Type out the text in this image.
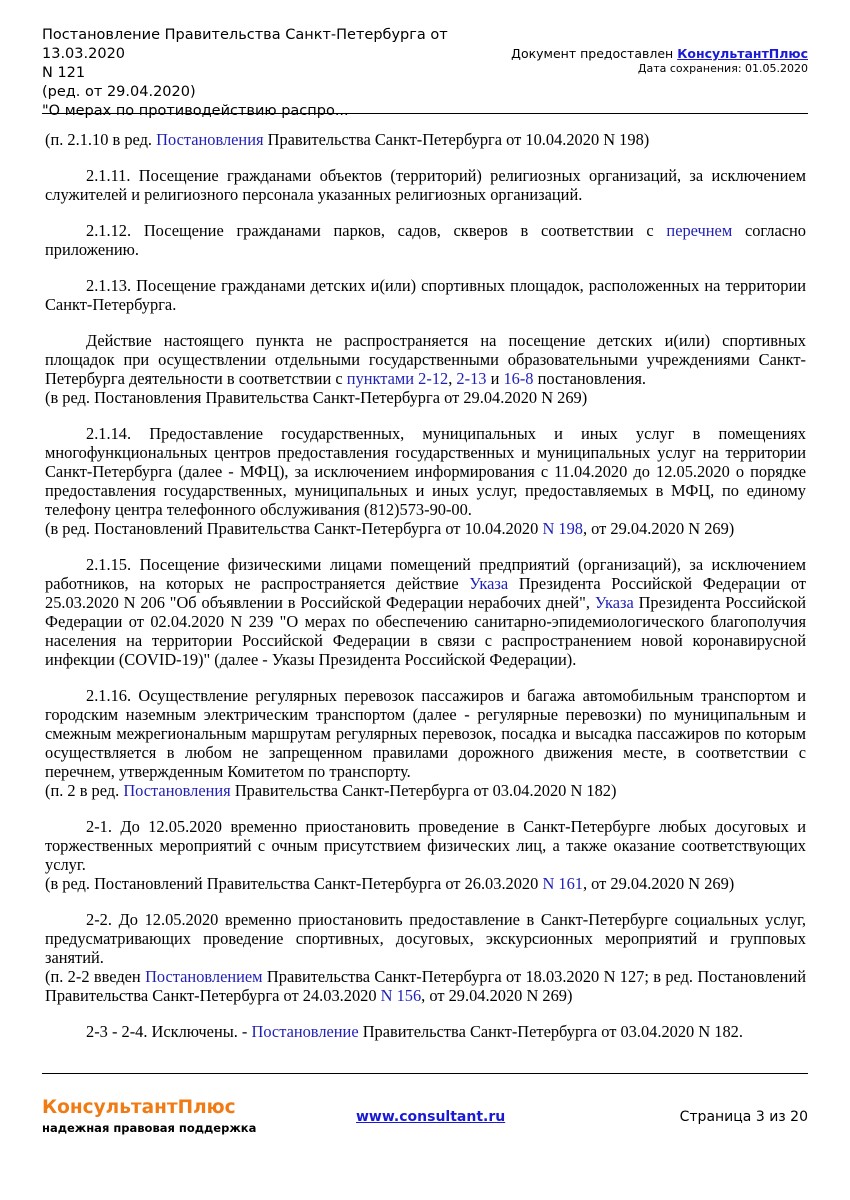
Постановление Правительства Санкт-Петербурга от 13.03.2020
N 121
(ред. от 29.04.2020)
"О мерах по противодействию распро...
Документ предоставлен КонсультантПлюс
Дата сохранения: 01.05.2020

(п. 2.1.10 в ред. Постановления Правительства Санкт-Петербурга от 10.04.2020 N 198)

2.1.11. Посещение гражданами объектов (территорий) религиозных организаций, за исключением служителей и религиозного персонала указанных религиозных организаций.

2.1.12. Посещение гражданами парков, садов, скверов в соответствии с перечнем согласно приложению.

2.1.13. Посещение гражданами детских и(или) спортивных площадок, расположенных на территории Санкт-Петербурга.

Действие настоящего пункта не распространяется на посещение детских и(или) спортивных площадок при осуществлении отдельными государственными образовательными учреждениями Санкт-Петербурга деятельности в соответствии с пунктами 2-12, 2-13 и 16-8 постановления.

(в ред. Постановления Правительства Санкт-Петербурга от 29.04.2020 N 269)

2.1.14. Предоставление государственных, муниципальных и иных услуг в помещениях многофункциональных центров предоставления государственных и муниципальных услуг на территории Санкт-Петербурга (далее - МФЦ), за исключением информирования с 11.04.2020 до 12.05.2020 о порядке предоставления государственных, муниципальных и иных услуг, предоставляемых в МФЦ, по единому телефону центра телефонного обслуживания (812)573-90-00.

(в ред. Постановлений Правительства Санкт-Петербурга от 10.04.2020 N 198, от 29.04.2020 N 269)

2.1.15. Посещение физическими лицами помещений предприятий (организаций), за исключением работников, на которых не распространяется действие Указа Президента Российской Федерации от 25.03.2020 N 206 "Об объявлении в Российской Федерации нерабочих дней", Указа Президента Российской Федерации от 02.04.2020 N 239 "О мерах по обеспечению санитарно-эпидемиологического благополучия населения на территории Российской Федерации в связи с распространением новой коронавирусной инфекции (COVID-19)" (далее - Указы Президента Российской Федерации).

2.1.16. Осуществление регулярных перевозок пассажиров и багажа автомобильным транспортом и городским наземным электрическим транспортом (далее - регулярные перевозки) по муниципальным и смежным межрегиональным маршрутам регулярных перевозок, посадка и высадка пассажиров по которым осуществляется в любом не запрещенном правилами дорожного движения месте, в соответствии с перечнем, утвержденным Комитетом по транспорту.

(п. 2 в ред. Постановления Правительства Санкт-Петербурга от 03.04.2020 N 182)

2-1. До 12.05.2020 временно приостановить проведение в Санкт-Петербурге любых досуговых и торжественных мероприятий с очным присутствием физических лиц, а также оказание соответствующих услуг.

(в ред. Постановлений Правительства Санкт-Петербурга от 26.03.2020 N 161, от 29.04.2020 N 269)

2-2. До 12.05.2020 временно приостановить предоставление в Санкт-Петербурге социальных услуг, предусматривающих проведение спортивных, досуговых, экскурсионных мероприятий и групповых занятий.

(п. 2-2 введен Постановлением Правительства Санкт-Петербурга от 18.03.2020 N 127; в ред. Постановлений Правительства Санкт-Петербурга от 24.03.2020 N 156, от 29.04.2020 N 269)

2-3 - 2-4. Исключены. - Постановление Правительства Санкт-Петербурга от 03.04.2020 N 182.

КонсультантПлюс
надежная правовая поддержка
www.consultant.ru	Страница 3 из 20
